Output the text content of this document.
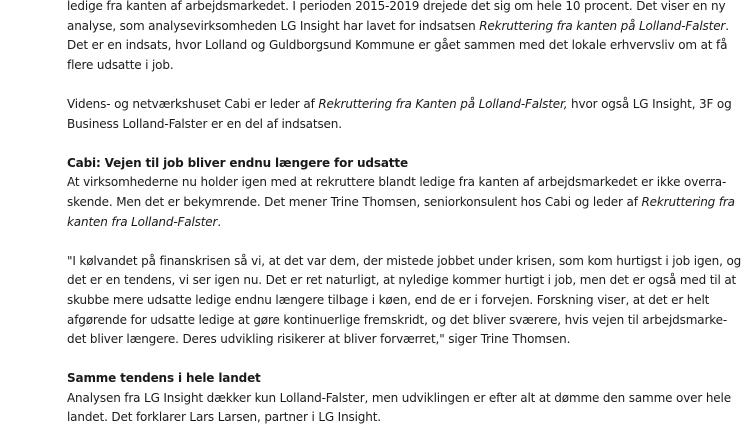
ledige fra kanten af arbejdsmarkedet. I perioden 2015-2019 drejede det sig om hele 10 procent. Det viser en ny
analyse, som analysevirksomheden LG Insight har lavet for indsatsen Rekruttering fra kanten på Lolland-Falster.
Det er en indsats, hvor Lolland og Guldborgsund Kommune er gået sammen med det lokale erhvervsliv om at få
flere udsatte i job.

Videns- og netværkshuset Cabi er leder af Rekruttering fra Kanten på Lolland-Falster, hvor også LG Insight, 3F og
Business Lolland-Falster er en del af indsatsen.

Cabi: Vejen til job bliver endnu længere for udsatte
At virksomhederne nu holder igen med at rekruttere blandt ledige fra kanten af arbejdsmarkedet er ikke overra-
skende. Men det er bekymrende. Det mener Trine Thomsen, seniorkonsulent hos Cabi og leder af Rekruttering fra
kanten fra Lolland-Falster.

"I kølvandet på finanskrisen så vi, at det var dem, der mistede jobbet under krisen, som kom hurtigst i job igen, og
det er en tendens, vi ser igen nu. Det er ret naturligt, at nyledige kommer hurtigt i job, men det er også med til at
skubbe mere udsatte ledige endnu længere tilbage i køen, end de er i forvejen. Forskning viser, at det er helt
afgørende for udsatte ledige at gøre kontinuerlige fremskridt, og det bliver sværere, hvis vejen til arbejdsmarke-
det bliver længere. Deres udvikling risikerer at bliver forværret," siger Trine Thomsen.

Samme tendens i hele landet
Analysen fra LG Insight dækker kun Lolland-Falster, men udviklingen er efter alt at dømme den samme over hele
landet. Det forklarer Lars Larsen, partner i LG Insight.
